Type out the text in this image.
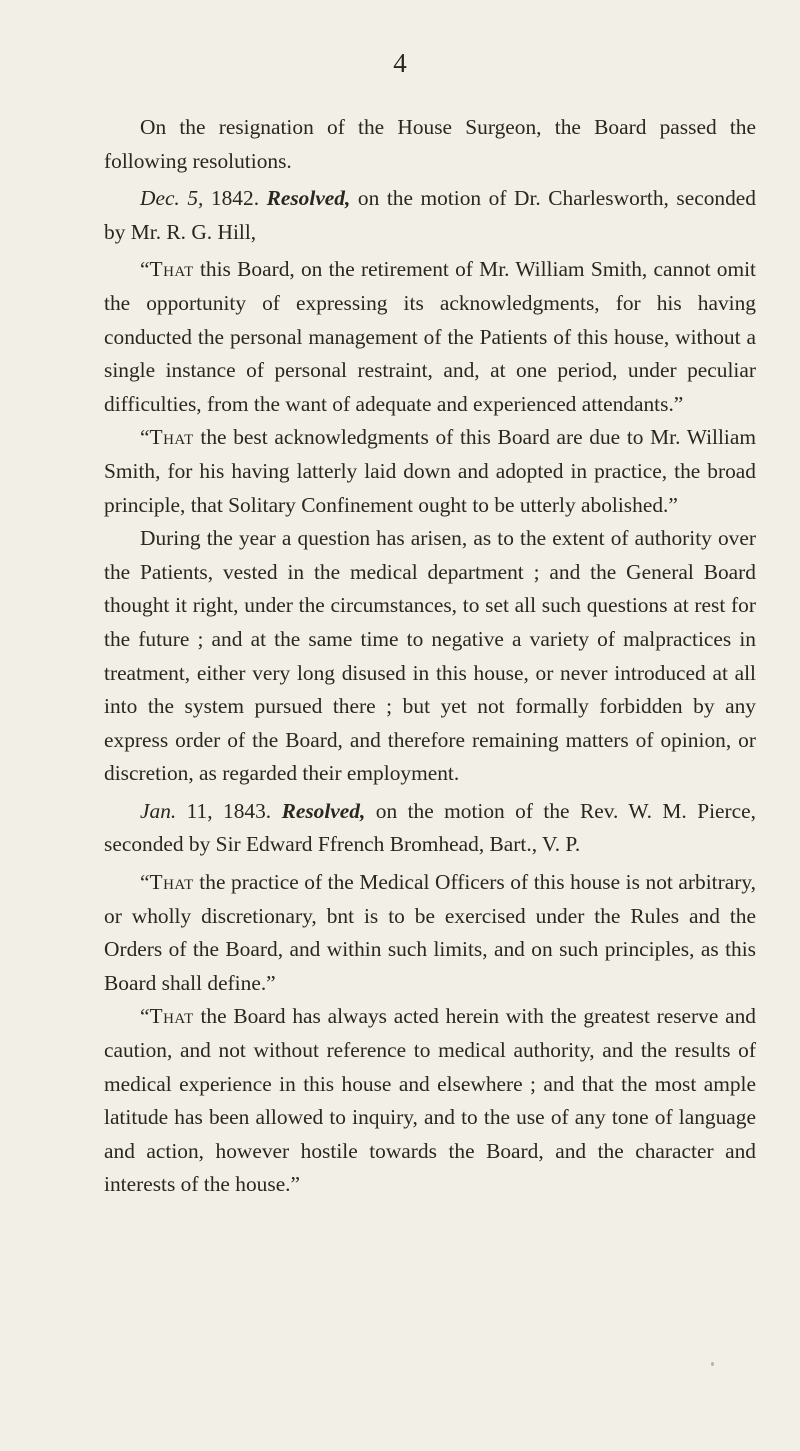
4

On the resignation of the House Surgeon, the Board passed the following resolutions.

Dec. 5, 1842. Resolved, on the motion of Dr. Charlesworth, seconded by Mr. R. G. Hill,

“That this Board, on the retirement of Mr. William Smith, cannot omit the opportunity of expressing its acknowledgments, for his having conducted the personal management of the Patients of this house, without a single instance of personal restraint, and, at one period, under peculiar difficulties, from the want of adequate and experienced attendants.”

“That the best acknowledgments of this Board are due to Mr. William Smith, for his having latterly laid down and adopted in practice, the broad principle, that Solitary Confinement ought to be utterly abolished.”

During the year a question has arisen, as to the extent of authority over the Patients, vested in the medical department ; and the General Board thought it right, under the circumstances, to set all such questions at rest for the future ; and at the same time to negative a variety of malpractices in treatment, either very long disused in this house, or never introduced at all into the system pursued there ; but yet not formally forbidden by any express order of the Board, and therefore remaining matters of opinion, or discretion, as regarded their employment.

Jan. 11, 1843. Resolved, on the motion of the Rev. W. M. Pierce, seconded by Sir Edward Ffrench Bromhead, Bart., V. P.

“That the practice of the Medical Officers of this house is not arbitrary, or wholly discretionary, bnt is to be exercised under the Rules and the Orders of the Board, and within such limits, and on such principles, as this Board shall define.”

“That the Board has always acted herein with the greatest reserve and caution, and not without reference to medical authority, and the results of medical experience in this house and elsewhere ; and that the most ample latitude has been allowed to inquiry, and to the use of any tone of language and action, however hostile towards the Board, and the character and interests of the house.”
